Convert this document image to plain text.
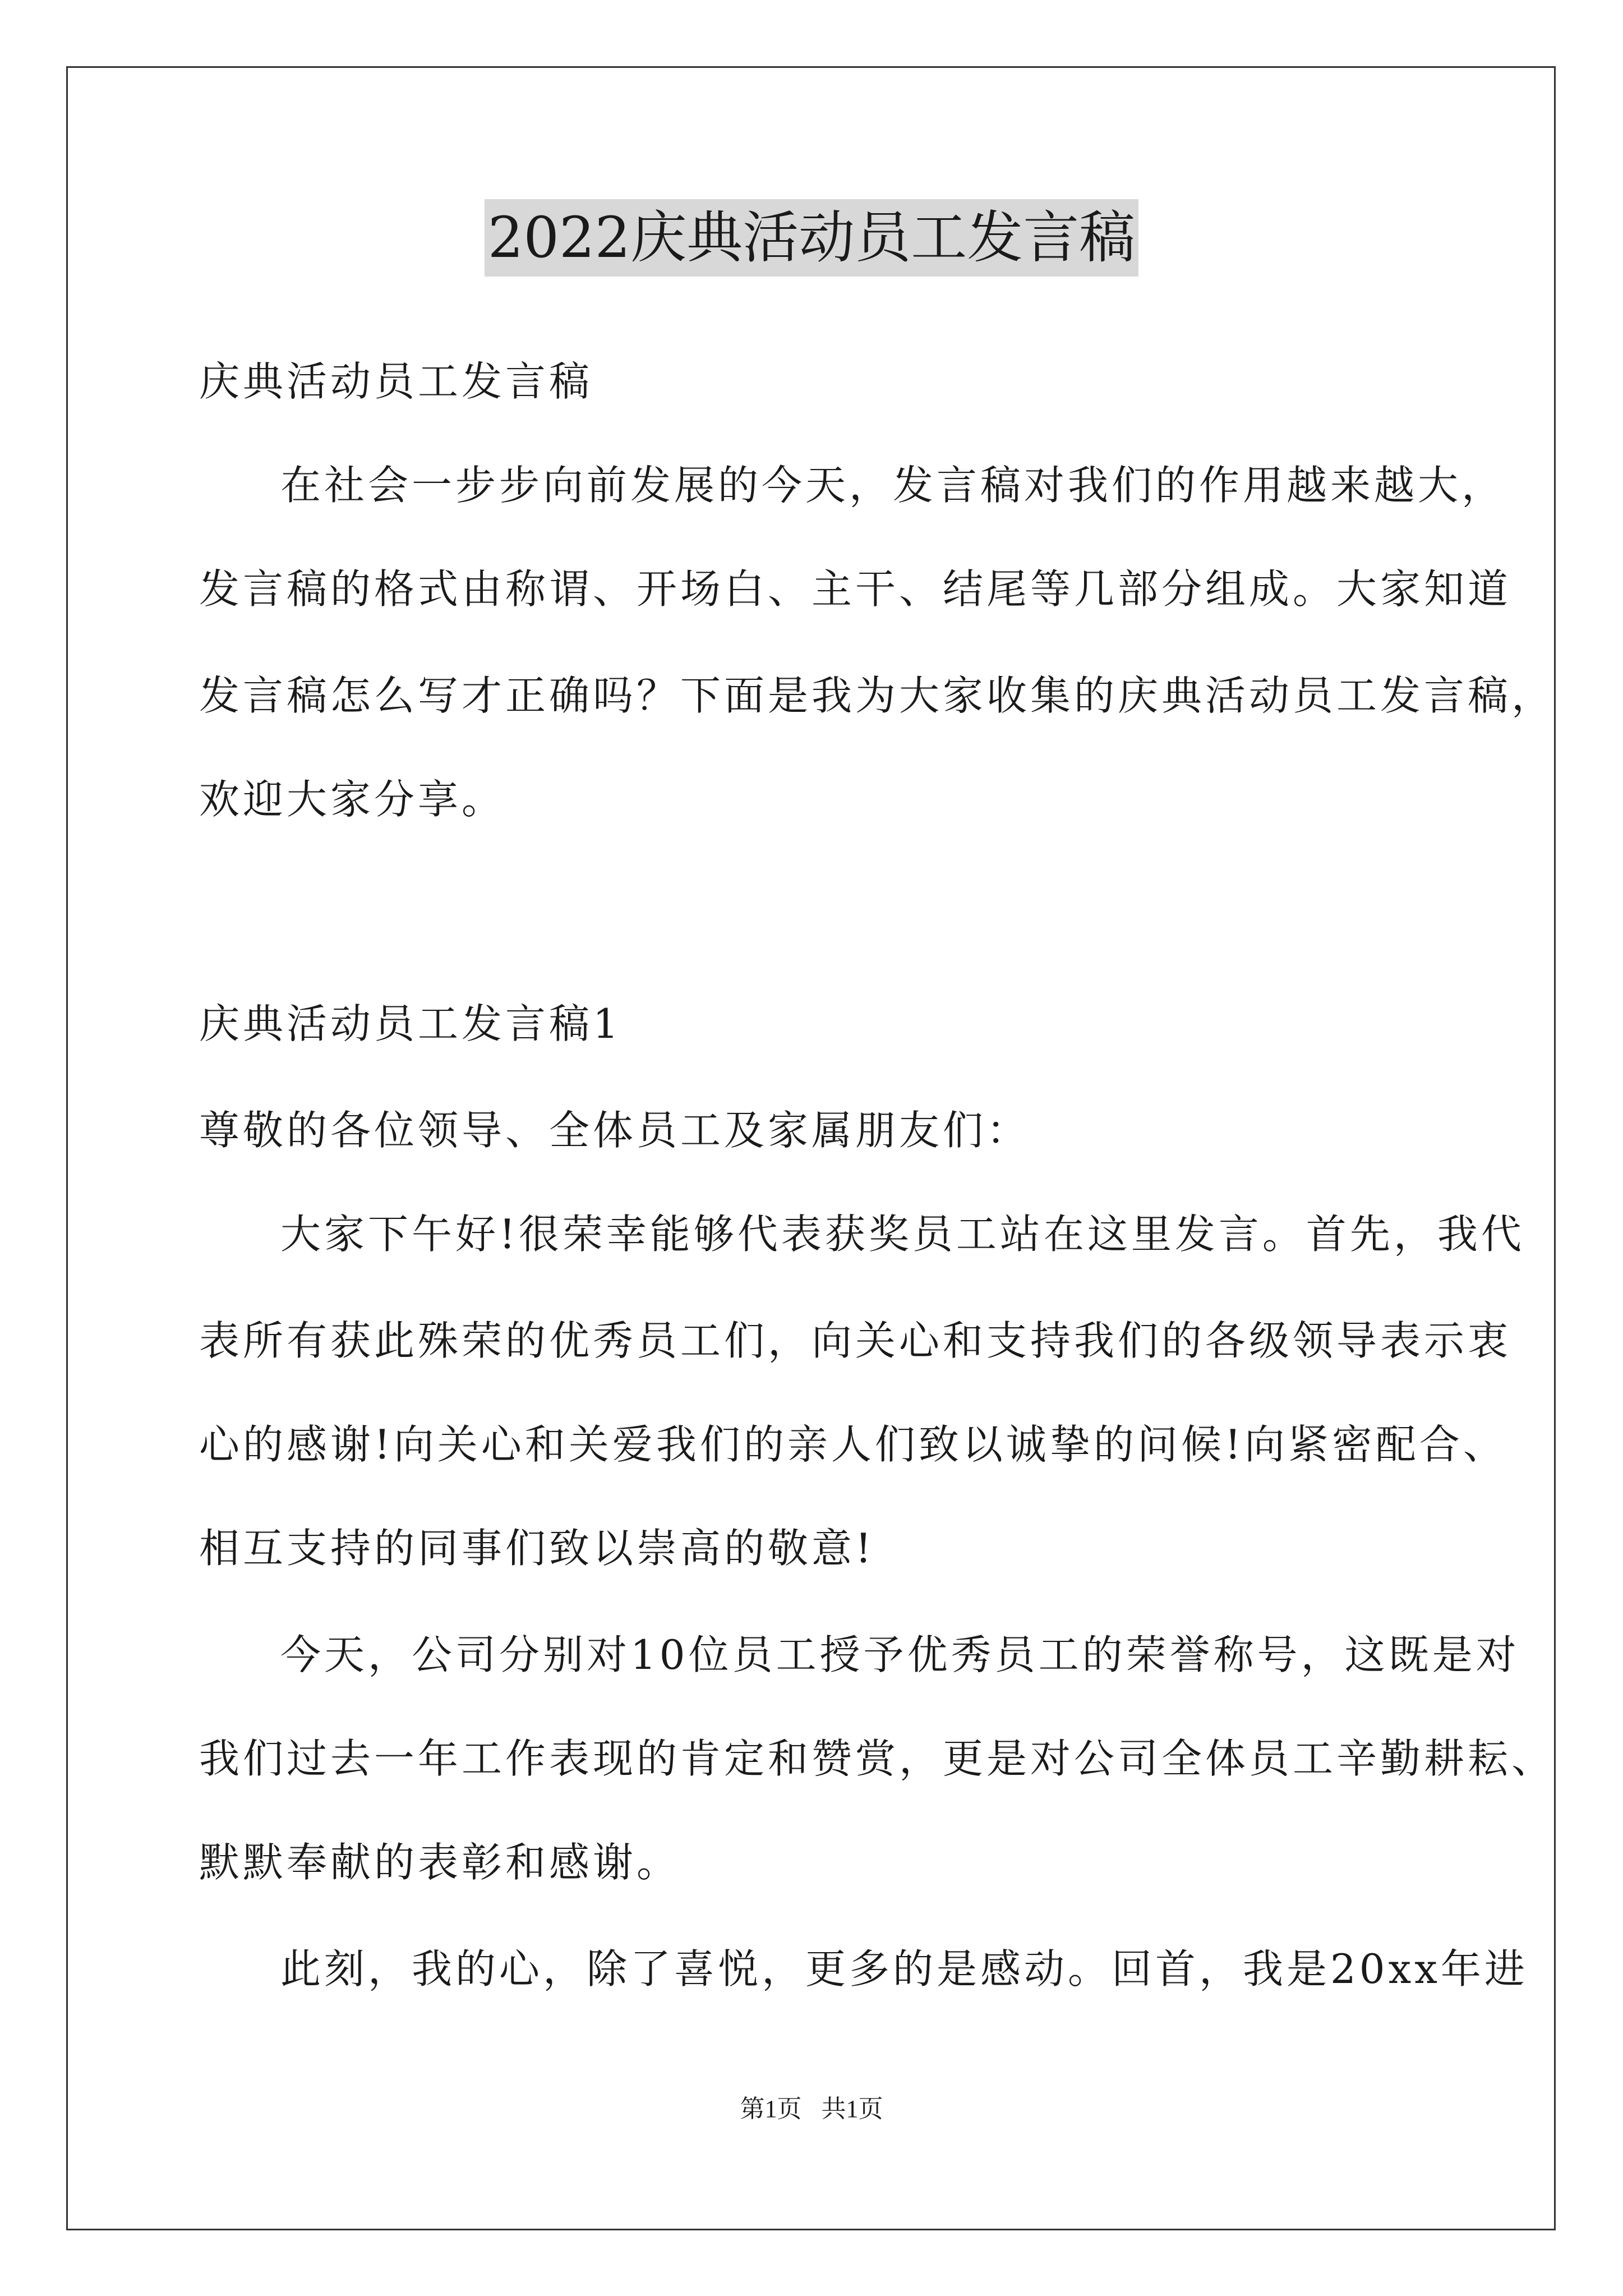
2022庆典活动员工发言稿
庆典活动员工发言稿
在社会一步步向前发展的今天，发言稿对我们的作用越来越大，
发言稿的格式由称谓、开场白、主干、结尾等几部分组成。大家知道
发言稿怎么写才正确吗？下面是我为大家收集的庆典活动员工发言稿，
欢迎大家分享。
庆典活动员工发言稿1
尊敬的各位领导、全体员工及家属朋友们：
大家下午好!很荣幸能够代表获奖员工站在这里发言。首先，我代
表所有获此殊荣的优秀员工们，向关心和支持我们的各级领导表示衷
心的感谢!向关心和关爱我们的亲人们致以诚挚的问候!向紧密配合、
相互支持的同事们致以崇高的敬意!
今天，公司分别对10位员工授予优秀员工的荣誉称号，这既是对
我们过去一年工作表现的肯定和赞赏，更是对公司全体员工辛勤耕耘、
默默奉献的表彰和感谢。
此刻，我的心，除了喜悦，更多的是感动。回首，我是20xx年进
第1页 共1页
